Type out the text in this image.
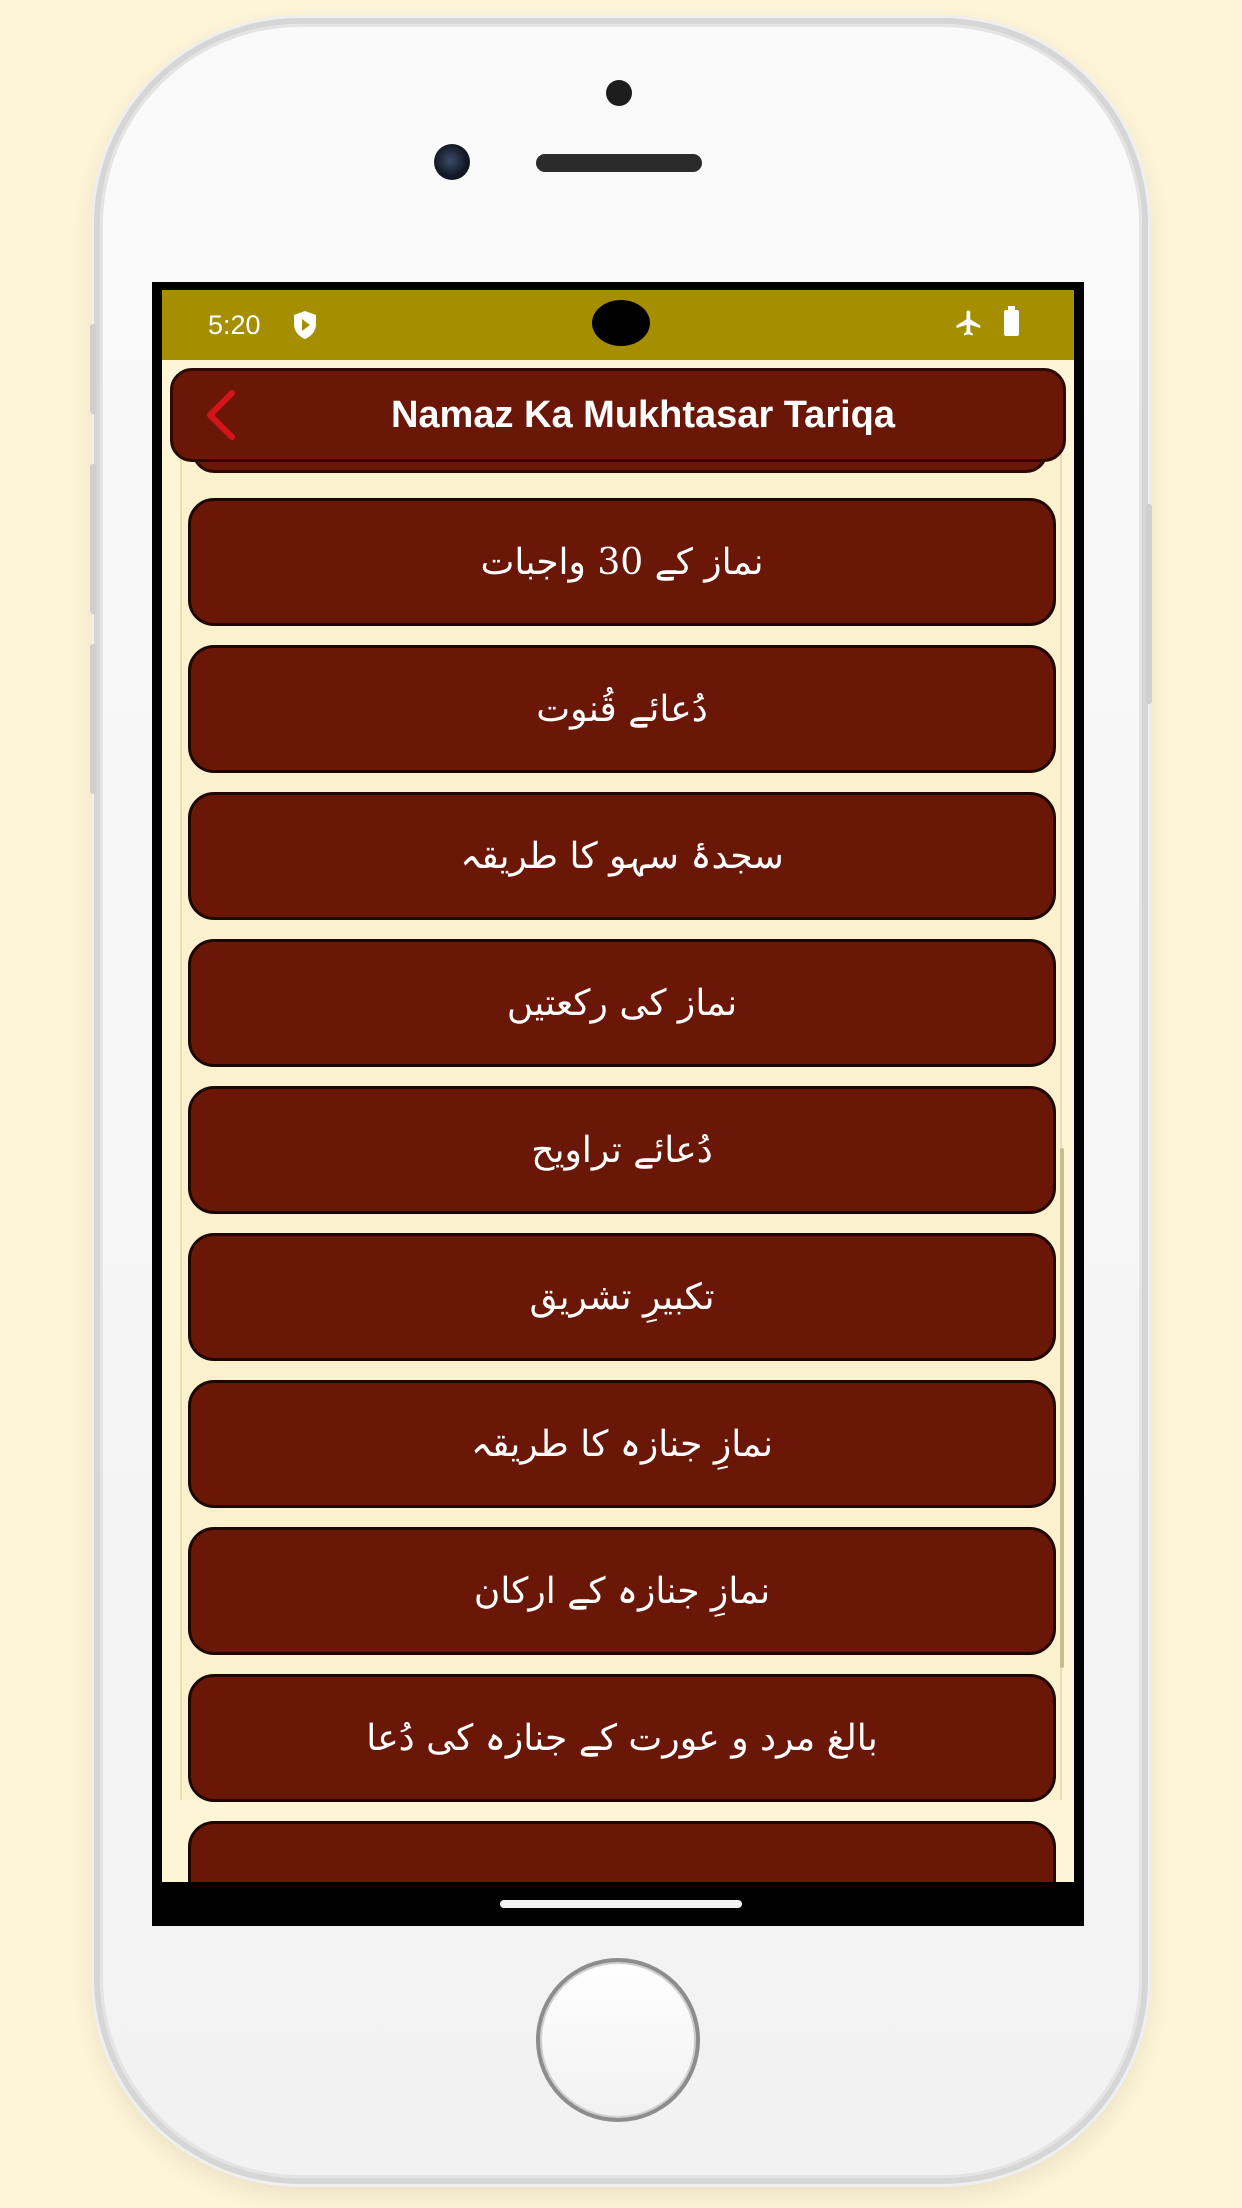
5:20
Namaz Ka Mukhtasar Tariqa
نماز کے 30 واجبات
دُعائے قُنوت
سجدۂ سہو کا طریقہ
نماز کی رکعتیں
دُعائے تراویح
تکبیرِ تشریق
نمازِ جنازہ کا طریقہ
نمازِ جنازہ کے ارکان
بالغ مرد و عورت کے جنازہ کی دُعا
